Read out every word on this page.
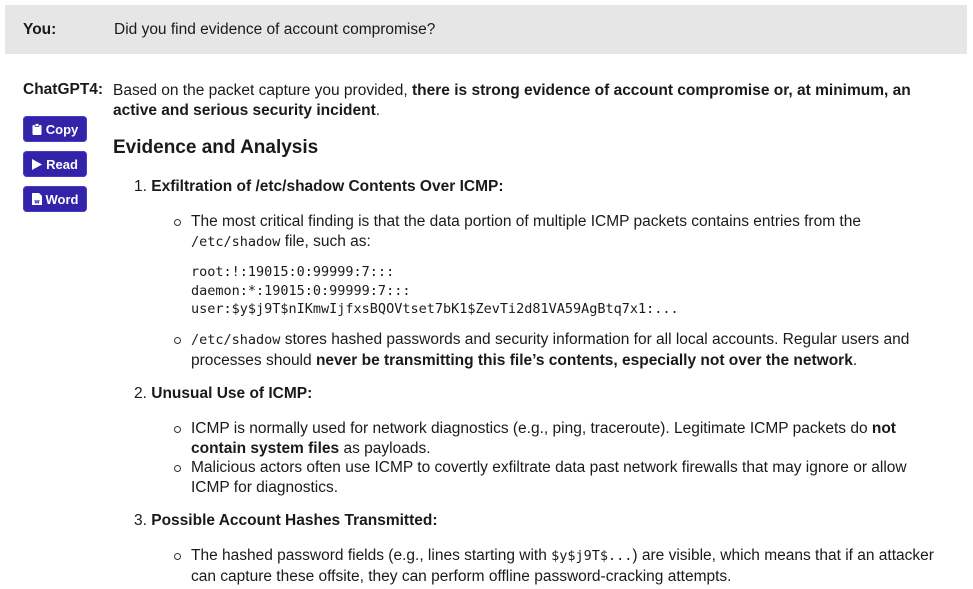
You:	Did you find evidence of account compromise?
ChatGPT4:
Copy
Read
w Word

Based on the packet capture you provided, there is strong evidence of account compromise or, at minimum, an active and serious security incident.

Evidence and Analysis
1. Exfiltration of /etc/shadow Contents Over ICMP:
The most critical finding is that the data portion of multiple ICMP packets contains entries from the /etc/shadow file, such as:
root:!:19015:0:99999:7:::
daemon:*:19015:0:99999:7:::
user:$y$j9T$nIKmwIjfxsBQOVtset7bK1$ZevTi2d81VA59AgBtq7x1:...
/etc/shadow stores hashed passwords and security information for all local accounts. Regular users and processes should never be transmitting this file’s contents, especially not over the network.
2. Unusual Use of ICMP:
ICMP is normally used for network diagnostics (e.g., ping, traceroute). Legitimate ICMP packets do not contain system files as payloads.
Malicious actors often use ICMP to covertly exfiltrate data past network firewalls that may ignore or allow ICMP for diagnostics.
3. Possible Account Hashes Transmitted:
The hashed password fields (e.g., lines starting with $y$j9T$...) are visible, which means that if an attacker can capture these offsite, they can perform offline password-cracking attempts.
